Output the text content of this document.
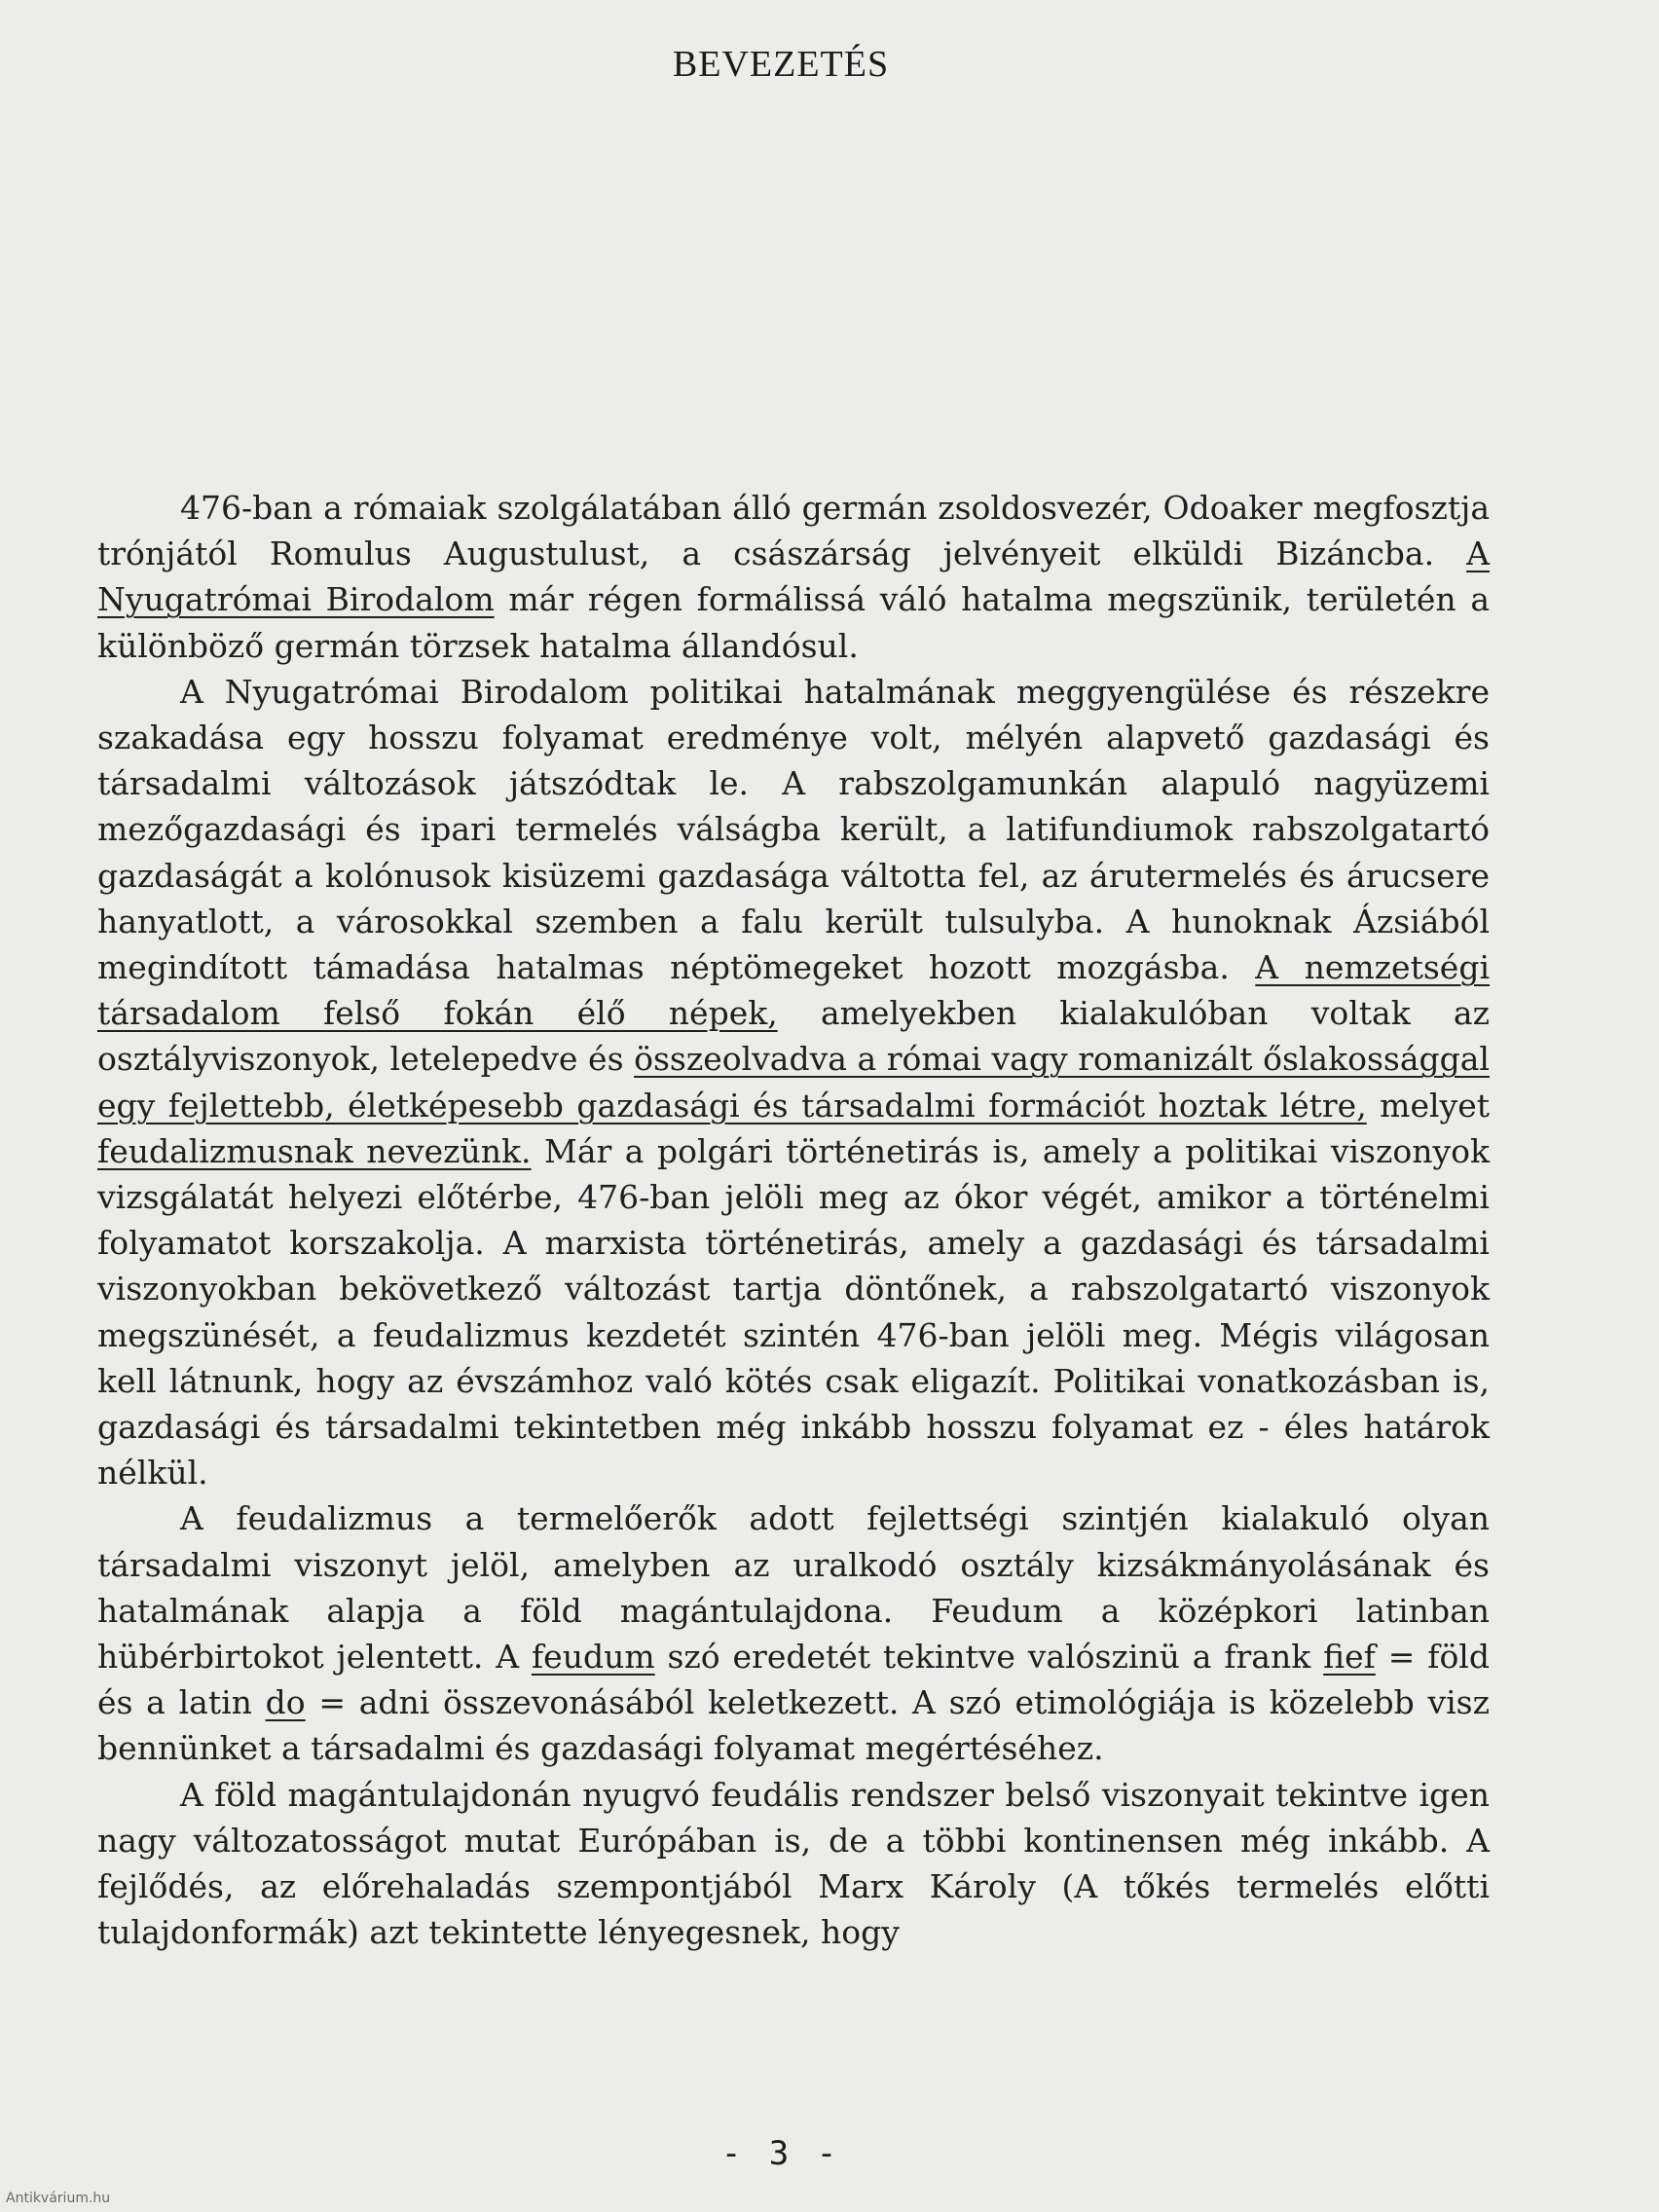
BEVEZETÉS

476-ban a rómaiak szolgálatában álló germán zsoldosvezér, Odoaker megfosztja trónjától Romulus Augustulust, a császárság jelvényeit elküldi Bizáncba. A Nyugatrómai Birodalom már régen formálissá váló hatalma megszünik, területén a különböző germán törzsek hatalma állandósul.

A Nyugatrómai Birodalom politikai hatalmának meggyengülése és részekre szakadása egy hosszu folyamat eredménye volt, mélyén alapvető gazdasági és társadalmi változások játszódtak le. A rabszolgamunkán alapuló nagyüzemi mezőgazdasági és ipari termelés válságba került, a latifundiumok rabszolgatartó gazdaságát a kolónusok kisüzemi gazdasága váltotta fel, az árutermelés és árucsere hanyatlott, a városokkal szemben a falu került tulsulyba. A hunoknak Ázsiából megindított támadása hatalmas néptömegeket hozott mozgásba. A nemzetségi társadalom felső fokán élő népek, amelyekben kialakulóban voltak az osztályviszonyok, letelepedve és összeolvadva a római vagy romanizált őslakossággal egy fejlettebb, életképesebb gazdasági és társadalmi formációt hoztak létre, melyet feudalizmusnak nevezünk. Már a polgári történetirás is, amely a politikai viszonyok vizsgálatát helyezi előtérbe, 476-ban jelöli meg az ókor végét, amikor a történelmi folyamatot korszakolja. A marxista történetirás, amely a gazdasági és társadalmi viszonyokban bekövetkező változást tartja döntőnek, a rabszolgatartó viszonyok megszünését, a feudalizmus kezdetét szintén 476-ban jelöli meg. Mégis világosan kell látnunk, hogy az évszámhoz való kötés csak eligazít. Politikai vonatkozásban is, gazdasági és társadalmi tekintetben még inkább hosszu folyamat ez - éles határok nélkül.

A feudalizmus a termelőerők adott fejlettségi szintjén kialakuló olyan társadalmi viszonyt jelöl, amelyben az uralkodó osztály kizsákmányolásának és hatalmának alapja a föld magántulajdona. Feudum a középkori latinban hübérbirtokot jelentett. A feudum szó eredetét tekintve valószinü a frank fief = föld és a latin do = adni összevonásából keletkezett. A szó etimológiája is közelebb visz bennünket a társadalmi és gazdasági folyamat megértéséhez.

A föld magántulajdonán nyugvó feudális rendszer belső viszonyait tekintve igen nagy változatosságot mutat Európában is, de a többi kontinensen még inkább. A fejlődés, az előrehaladás szempontjából Marx Károly (A tőkés termelés előtti tulajdonformák) azt tekintette lényegesnek, hogy

- 3 -
Antikvárium.hu
